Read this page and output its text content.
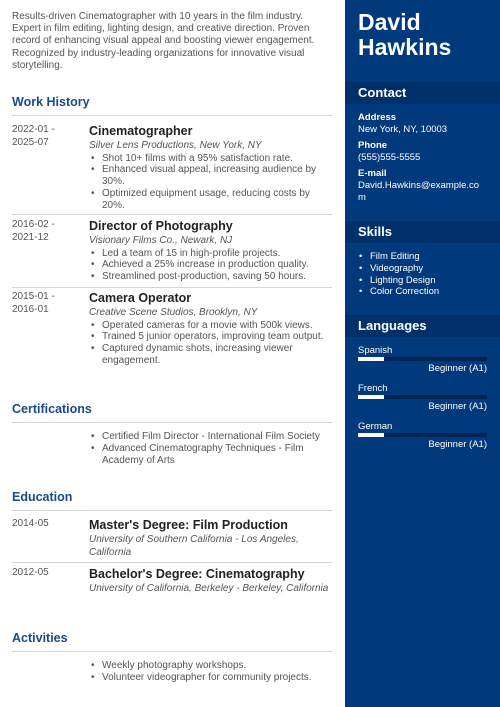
Results-driven Cinematographer with 10 years in the film industry. Expert in film editing, lighting design, and creative direction. Proven record of enhancing visual appeal and boosting viewer engagement. Recognized by industry-leading organizations for innovative visual storytelling.
Work History
2022-01 - 2025-07
Cinematographer
Silver Lens Productions, New York, NY
• Shot 10+ films with a 95% satisfaction rate.
• Enhanced visual appeal, increasing audience by 30%.
• Optimized equipment usage, reducing costs by 20%.
2016-02 - 2021-12
Director of Photography
Visionary Films Co., Newark, NJ
• Led a team of 15 in high-profile projects.
• Achieved a 25% increase in production quality.
• Streamlined post-production, saving 50 hours.
2015-01 - 2016-01
Camera Operator
Creative Scene Studios, Brooklyn, NY
• Operated cameras for a movie with 500k views.
• Trained 5 junior operators, improving team output.
• Captured dynamic shots, increasing viewer engagement.
Certifications
• Certified Film Director - International Film Society
• Advanced Cinematography Techniques - Film Academy of Arts
Education
2014-05	Master's Degree: Film Production
University of Southern California - Los Angeles, California
2012-05	Bachelor's Degree: Cinematography
University of California, Berkeley - Berkeley, California
Activities
• Weekly photography workshops.
• Volunteer videographer for community projects.
David
Hawkins
Contact
Address
New York, NY, 10003
Phone
(555)555-5555
E-mail
David.Hawkins@example.co
m
Skills
• Film Editing
• Videography
• Lighting Design
• Color Correction
Languages
Spanish
Beginner (A1)
French
Beginner (A1)
German
Beginner (A1)
